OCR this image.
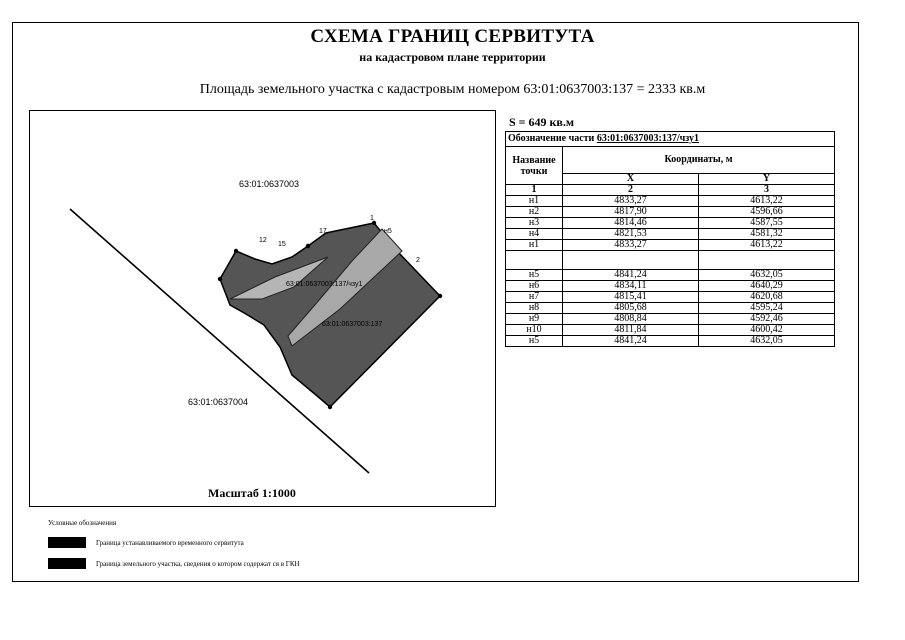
СХЕМА ГРАНИЦ СЕРВИТУТА
на кадастровом плане территории
Площадь земельного участка с кадастровым номером 63:01:0637003:137 = 2333 кв.м
63:01:0637003
63:01:0637004
63:01:0637003:137/чзу1
63:01:0637003:137
1
2
12
15
17	н5
Масштаб 1:1000
S = 649 кв.м
Обозначение части 63:01:0637003:137/чзу1		
Название точки	Координаты, м	
	X	Y
1	2	3
н1	4833,27	4613,22
н2	4817,90	4596,66
н3	4814,46	4587,55
н4	4821,53	4581,32
н1	4833,27	4613,22

н5	4841,24	4632,05
н6	4834,11	4640,29
н7	4815,41	4620,68
н8	4805,68	4595,24
н9	4808,84	4592,46
н10	4811,84	4600,42
н5	4841,24	4632,05
Условные обозначения
Граница устанавливаемого временного сервитута
Граница земельного участка, сведения о котором содержат ся в ГКН
